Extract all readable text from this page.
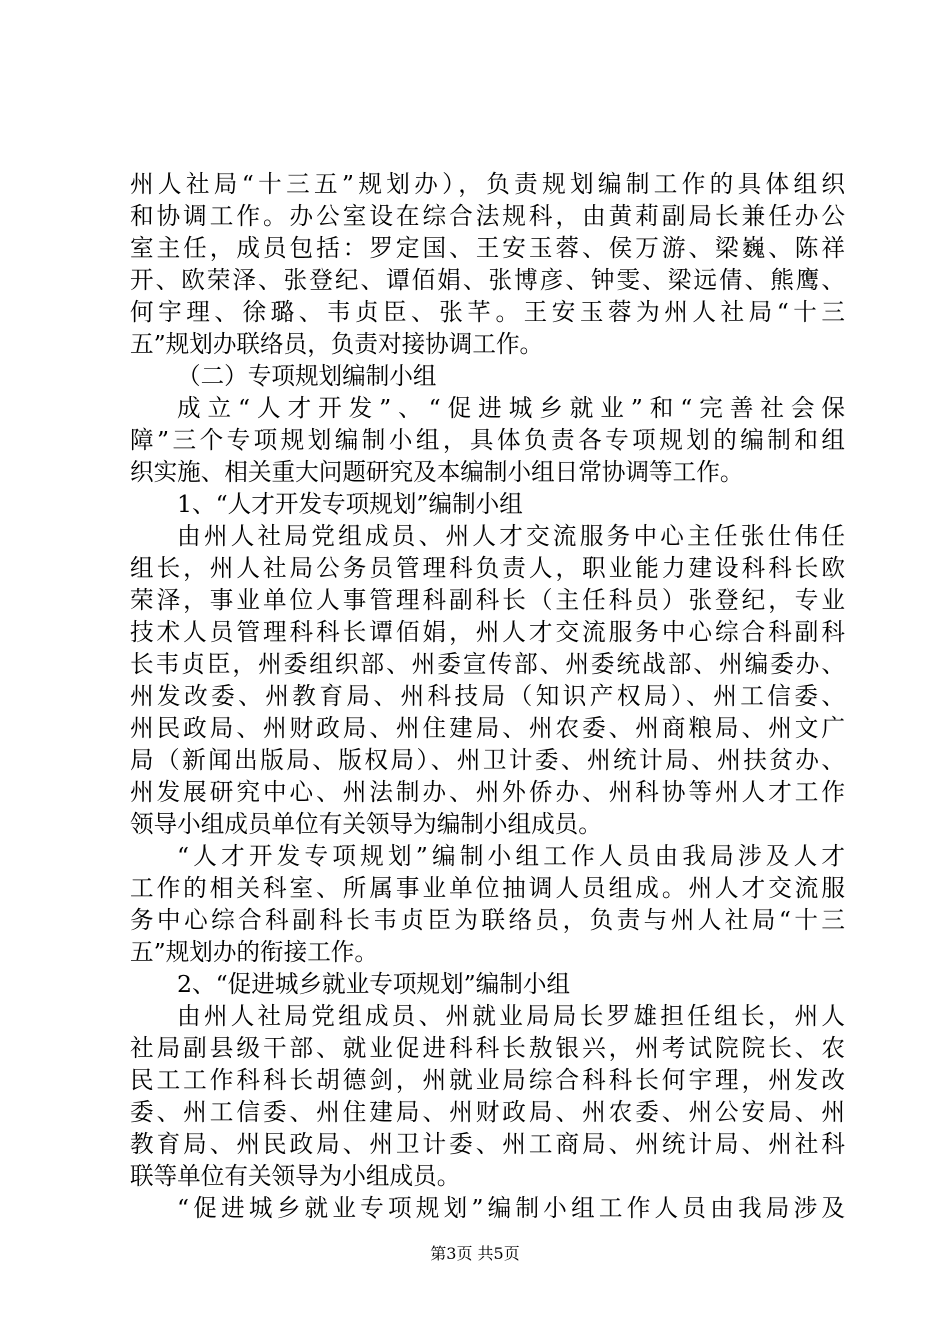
州人社局“十三五”规划办），负责规划编制工作的具体组织
和协调工作。办公室设在综合法规科，由黄莉副局长兼任办公
室主任，成员包括：罗定国、王安玉蓉、侯万游、梁巍、陈祥
开、欧荣泽、张登纪、谭佰娟、张博彦、钟雯、梁远倩、熊鹰、
何宇理、徐璐、韦贞臣、张芊。王安玉蓉为州人社局“十三
五”规划办联络员，负责对接协调工作。
（二）专项规划编制小组
成立“人才开发”、“促进城乡就业”和“完善社会保
障”三个专项规划编制小组，具体负责各专项规划的编制和组
织实施、相关重大问题研究及本编制小组日常协调等工作。
1、“人才开发专项规划”编制小组
由州人社局党组成员、州人才交流服务中心主任张仕伟任
组长，州人社局公务员管理科负责人，职业能力建设科科长欧
荣泽，事业单位人事管理科副科长（主任科员）张登纪，专业
技术人员管理科科长谭佰娟，州人才交流服务中心综合科副科
长韦贞臣，州委组织部、州委宣传部、州委统战部、州编委办、
州发改委、州教育局、州科技局（知识产权局）、州工信委、
州民政局、州财政局、州住建局、州农委、州商粮局、州文广
局（新闻出版局、版权局）、州卫计委、州统计局、州扶贫办、
州发展研究中心、州法制办、州外侨办、州科协等州人才工作
领导小组成员单位有关领导为编制小组成员。
“人才开发专项规划”编制小组工作人员由我局涉及人才
工作的相关科室、所属事业单位抽调人员组成。州人才交流服
务中心综合科副科长韦贞臣为联络员，负责与州人社局“十三
五”规划办的衔接工作。
2、“促进城乡就业专项规划”编制小组
由州人社局党组成员、州就业局局长罗雄担任组长，州人
社局副县级干部、就业促进科科长敖银兴，州考试院院长、农
民工工作科科长胡德剑，州就业局综合科科长何宇理，州发改
委、州工信委、州住建局、州财政局、州农委、州公安局、州
教育局、州民政局、州卫计委、州工商局、州统计局、州社科
联等单位有关领导为小组成员。
“促进城乡就业专项规划”编制小组工作人员由我局涉及
第3页 共5页
